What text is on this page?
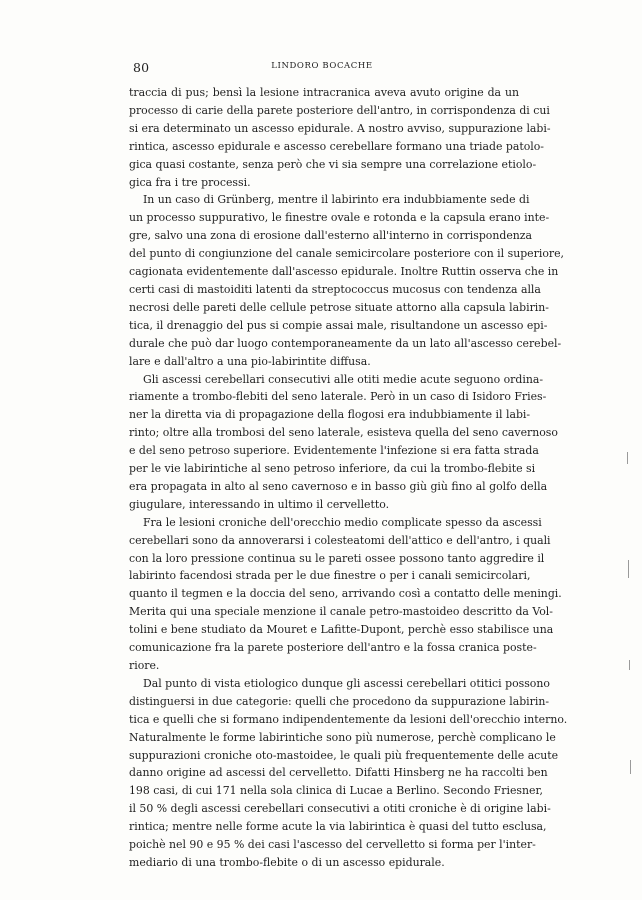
80	LINDORO BOCACHE
traccia di pus; bensì la lesione intracranica aveva avuto origine da un
processo di carie della parete posteriore dell'antro, in corrispondenza di cui
si era determinato un ascesso epidurale. A nostro avviso, suppurazione labi-
rintica, ascesso epidurale e ascesso cerebellare formano una triade patolo-
gica quasi costante, senza però che vi sia sempre una correlazione etiolo-
gica fra i tre processi.
In un caso di Grünberg, mentre il labirinto era indubbiamente sede di
un processo suppurativo, le finestre ovale e rotonda e la capsula erano inte-
gre, salvo una zona di erosione dall'esterno all'interno in corrispondenza
del punto di congiunzione del canale semicircolare posteriore con il superiore,
cagionata evidentemente dall'ascesso epidurale. Inoltre Ruttin osserva che in
certi casi di mastoiditi latenti da streptococcus mucosus con tendenza alla
necrosi delle pareti delle cellule petrose situate attorno alla capsula labirin-
tica, il drenaggio del pus si compie assai male, risultandone un ascesso epi-
durale che può dar luogo contemporaneamente da un lato all'ascesso cerebel-
lare e dall'altro a una pio-labirintite diffusa.
Gli ascessi cerebellari consecutivi alle otiti medie acute seguono ordina-
riamente a trombo-flebiti del seno laterale. Però in un caso di Isidoro Fries-
ner la diretta via di propagazione della flogosi era indubbiamente il labi-
rinto; oltre alla trombosi del seno laterale, esisteva quella del seno cavernoso
e del seno petroso superiore. Evidentemente l'infezione si era fatta strada
per le vie labirintiche al seno petroso inferiore, da cui la trombo-flebite si
era propagata in alto al seno cavernoso e in basso giù giù fino al golfo della
giugulare, interessando in ultimo il cervelletto.
Fra le lesioni croniche dell'orecchio medio complicate spesso da ascessi
cerebellari sono da annoverarsi i colesteatomi dell'attico e dell'antro, i quali
con la loro pressione continua su le pareti ossee possono tanto aggredire il
labirinto facendosi strada per le due finestre o per i canali semicircolari,
quanto il tegmen e la doccia del seno, arrivando così a contatto delle meningi.
Merita qui una speciale menzione il canale petro-mastoideo descritto da Vol-
tolini e bene studiato da Mouret e Lafitte-Dupont, perchè esso stabilisce una
comunicazione fra la parete posteriore dell'antro e la fossa cranica poste-
riore.
Dal punto di vista etiologico dunque gli ascessi cerebellari otitici possono
distinguersi in due categorie: quelli che procedono da suppurazione labirin-
tica e quelli che si formano indipendentemente da lesioni dell'orecchio interno.
Naturalmente le forme labirintiche sono più numerose, perchè complicano le
suppurazioni croniche oto-mastoidee, le quali più frequentemente delle acute
danno origine ad ascessi del cervelletto. Difatti Hinsberg ne ha raccolti ben
198 casi, di cui 171 nella sola clinica di Lucae a Berlino. Secondo Friesner,
il 50 % degli ascessi cerebellari consecutivi a otiti croniche è di origine labi-
rintica; mentre nelle forme acute la via labirintica è quasi del tutto esclusa,
poichè nel 90 e 95 % dei casi l'ascesso del cervelletto si forma per l'inter-
mediario di una trombo-flebite o di un ascesso epidurale.
